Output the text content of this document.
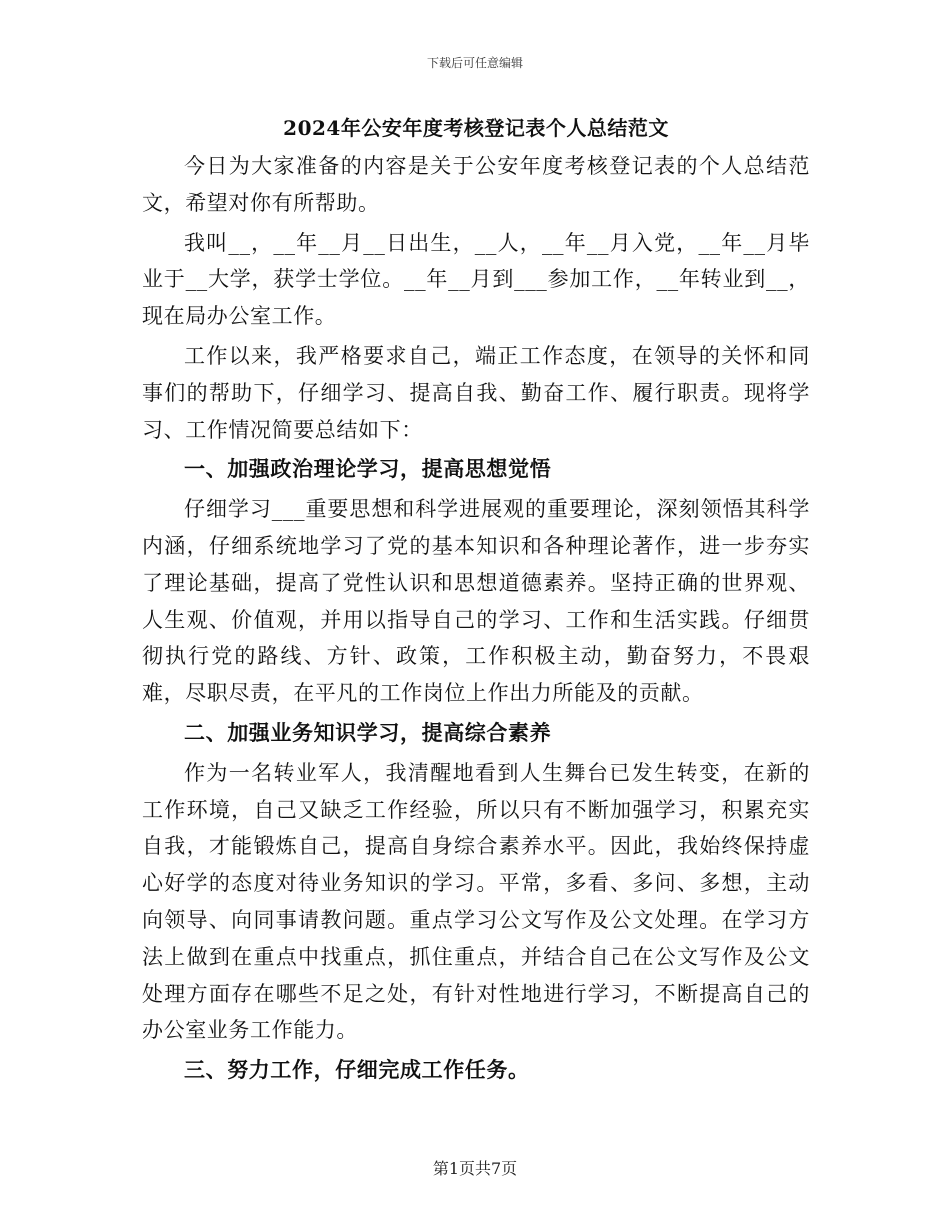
下载后可任意编辑
2024年公安年度考核登记表个人总结范文

今日为大家准备的内容是关于公安年度考核登记表的个人总结范文，希望对你有所帮助。

我叫__，__年__月__日出生，__人，__年__月入党，__年__月毕业于__大学，获学士学位。__年__月到___参加工作，__年转业到__，现在局办公室工作。

工作以来，我严格要求自己，端正工作态度，在领导的关怀和同事们的帮助下，仔细学习、提高自我、勤奋工作、履行职责。现将学习、工作情况简要总结如下：

一、加强政治理论学习，提高思想觉悟

仔细学习___重要思想和科学进展观的重要理论，深刻领悟其科学内涵，仔细系统地学习了党的基本知识和各种理论著作，进一步夯实了理论基础，提高了党性认识和思想道德素养。坚持正确的世界观、人生观、价值观，并用以指导自己的学习、工作和生活实践。仔细贯彻执行党的路线、方针、政策，工作积极主动，勤奋努力，不畏艰难，尽职尽责，在平凡的工作岗位上作出力所能及的贡献。

二、加强业务知识学习，提高综合素养

作为一名转业军人，我清醒地看到人生舞台已发生转变，在新的工作环境，自己又缺乏工作经验，所以只有不断加强学习，积累充实自我，才能锻炼自己，提高自身综合素养水平。因此，我始终保持虚心好学的态度对待业务知识的学习。平常，多看、多问、多想，主动向领导、向同事请教问题。重点学习公文写作及公文处理。在学习方法上做到在重点中找重点，抓住重点，并结合自己在公文写作及公文处理方面存在哪些不足之处，有针对性地进行学习，不断提高自己的办公室业务工作能力。

三、努力工作，仔细完成工作任务。

第1页共7页
